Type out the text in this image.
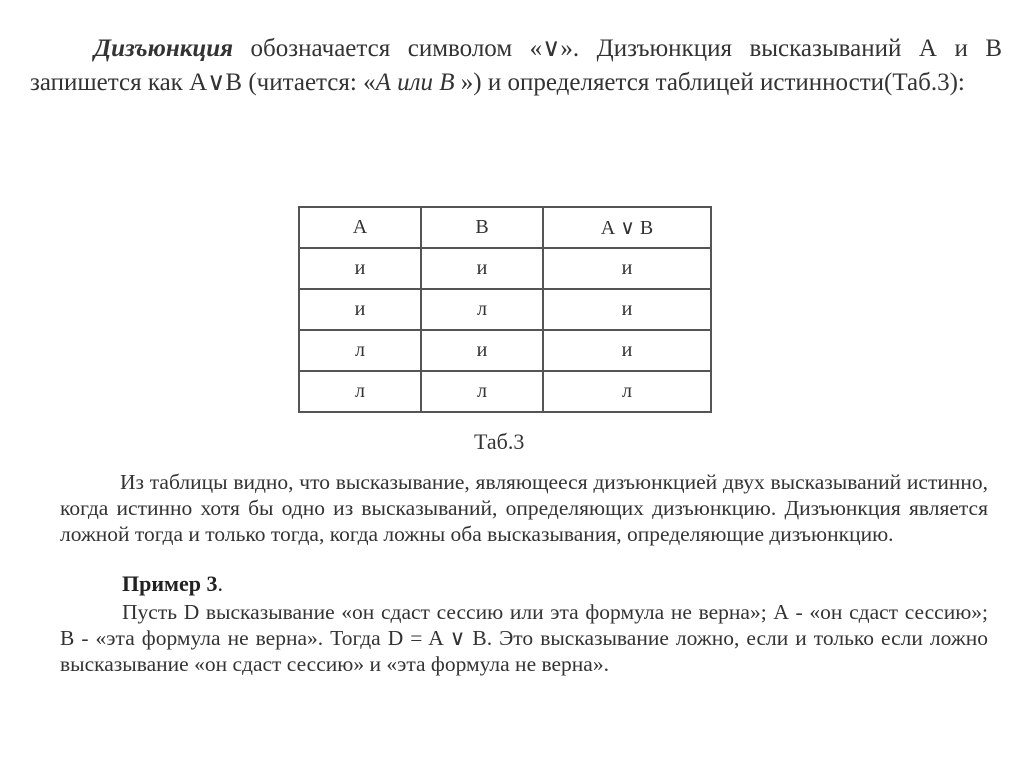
Дизъюнкция обозначается символом «∨». Дизъюнкция высказываний А и В запишется как А∨В (читается: «А или В ») и определяется таблицей истинности(Таб.3):

А	В	А ∨ В
и	и	и
и	л	и
л	и	и
л	л	л
Таб.3

Из таблицы видно, что высказывание, являющееся дизъюнкцией двух высказываний истинно, когда истинно хотя бы одно из высказываний, определяющих дизъюнкцию. Дизъюнкция является ложной тогда и только тогда, когда ложны оба высказывания, определяющие дизъюнкцию.

Пример 3.

Пусть D высказывание «он сдаст сессию или эта формула не верна»; А - «он сдаст сессию»; В - «эта формула не верна». Тогда D = A ∨ B. Это высказывание ложно, если и только если ложно высказывание «он сдаст сессию» и «эта формула не верна».
